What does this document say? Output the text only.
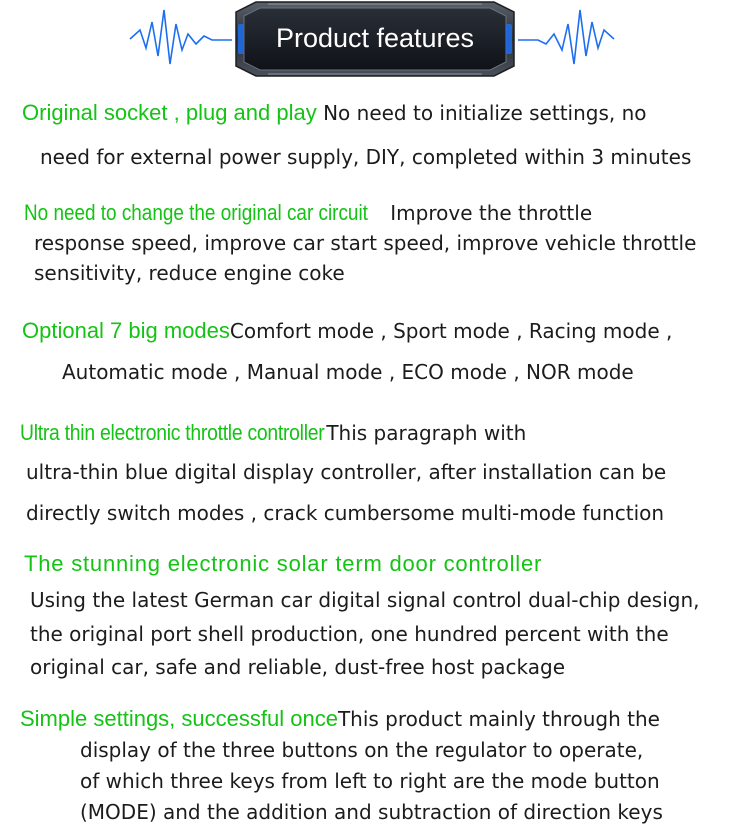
Product features
Original socket , plug and play No need to initialize settings, no
need for external power supply, DIY, completed within 3 minutes
No need to change the original car circuit Improve the throttle
response speed, improve car start speed, improve vehicle throttle
sensitivity, reduce engine coke
Optional 7 big modesComfort mode , Sport mode , Racing mode ,
Automatic mode , Manual mode , ECO mode , NOR mode
Ultra thin electronic throttle controller This paragraph with
ultra-thin blue digital display controller, after installation can be
directly switch modes , crack cumbersome multi-mode function
The stunning electronic solar term door controller
Using the latest German car digital signal control dual-chip design,
the original port shell production, one hundred percent with the
original car, safe and reliable, dust-free host package
Simple settings, successful onceThis product mainly through the
display of the three buttons on the regulator to operate,
of which three keys from left to right are the mode button
(MODE) and the addition and subtraction of direction keys
